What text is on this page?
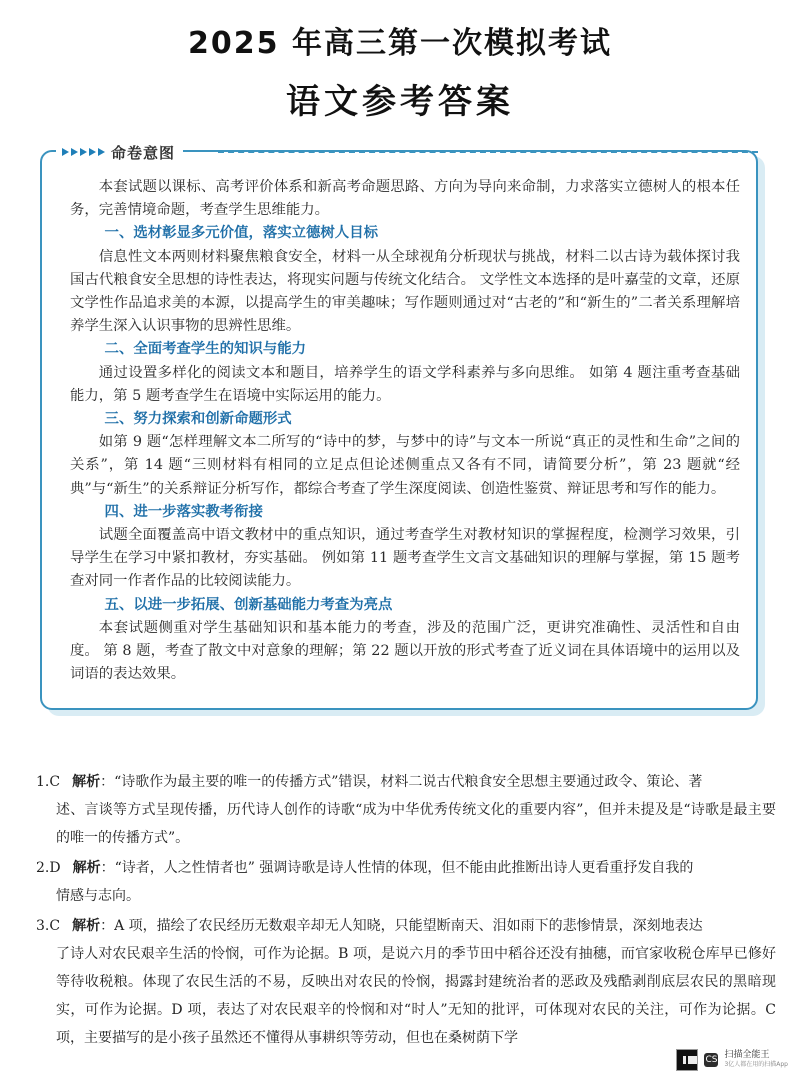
2025 年高三第一次模拟考试
语文参考答案
命卷意图

本套试题以课标、高考评价体系和新高考命题思路、方向为导向来命制，力求落实立德树人的根本任务，完善情境命题，考查学生思维能力。

一、选材彰显多元价值，落实立德树人目标

信息性文本两则材料聚焦粮食安全，材料一从全球视角分析现状与挑战，材料二以古诗为载体探讨我国古代粮食安全思想的诗性表达，将现实问题与传统文化结合。 文学性文本选择的是叶嘉莹的文章，还原文学性作品追求美的本源，以提高学生的审美趣味；写作题则通过对“古老的”和“新生的”二者关系理解培养学生深入认识事物的思辨性思维。

二、全面考查学生的知识与能力

通过设置多样化的阅读文本和题目，培养学生的语文学科素养与多向思维。 如第 4 题注重考查基础能力，第 5 题考查学生在语境中实际运用的能力。

三、努力探索和创新命题形式

如第 9 题“怎样理解文本二所写的“诗中的梦，与梦中的诗”与文本一所说“真正的灵性和生命”之间的关系”，第 14 题“三则材料有相同的立足点但论述侧重点又各有不同，请简要分析”，第 23 题就“经典”与“新生”的关系辩证分析写作，都综合考查了学生深度阅读、创造性鉴赏、辩证思考和写作的能力。

四、进一步落实教考衔接

试题全面覆盖高中语文教材中的重点知识，通过考查学生对教材知识的掌握程度，检测学习效果，引导学生在学习中紧扣教材，夯实基础。 例如第 11 题考查学生文言文基础知识的理解与掌握，第 15 题考查对同一作者作品的比较阅读能力。

五、以进一步拓展、创新基础能力考查为亮点

本套试题侧重对学生基础知识和基本能力的考查，涉及的范围广泛，更讲究准确性、灵活性和自由度。 第 8 题，考查了散文中对意象的理解；第 22 题以开放的形式考查了近义词在具体语境中的运用以及词语的表达效果。

1.C 解析：“诗歌作为最主要的唯一的传播方式”错误，材料二说古代粮食安全思想主要通过政令、策论、著
述、言谈等方式呈现传播，历代诗人创作的诗歌“成为中华优秀传统文化的重要内容”，但并未提及是“诗歌是最主要的唯一的传播方式”。
2.D 解析：“诗者，人之性情者也” 强调诗歌是诗人性情的体现，但不能由此推断出诗人更看重抒发自我的
情感与志向。
3.C 解析：A 项，描绘了农民经历无数艰辛却无人知晓，只能望断南天、泪如雨下的悲惨情景，深刻地表达
了诗人对农民艰辛生活的怜悯，可作为论据。B 项，是说六月的季节田中稻谷还没有抽穗，而官家收税仓库早已修好等待收税粮。体现了农民生活的不易，反映出对农民的怜悯，揭露封建统治者的恶政及残酷剥削底层农民的黑暗现实，可作为论据。D 项，表达了对农民艰辛的怜悯和对“时人”无知的批评，可体现对农民的关注，可作为论据。C 项，主要描写的是小孩子虽然还不懂得从事耕织等劳动，但也在桑树荫下学
CS 扫描全能王
3亿人都在用的扫描App
